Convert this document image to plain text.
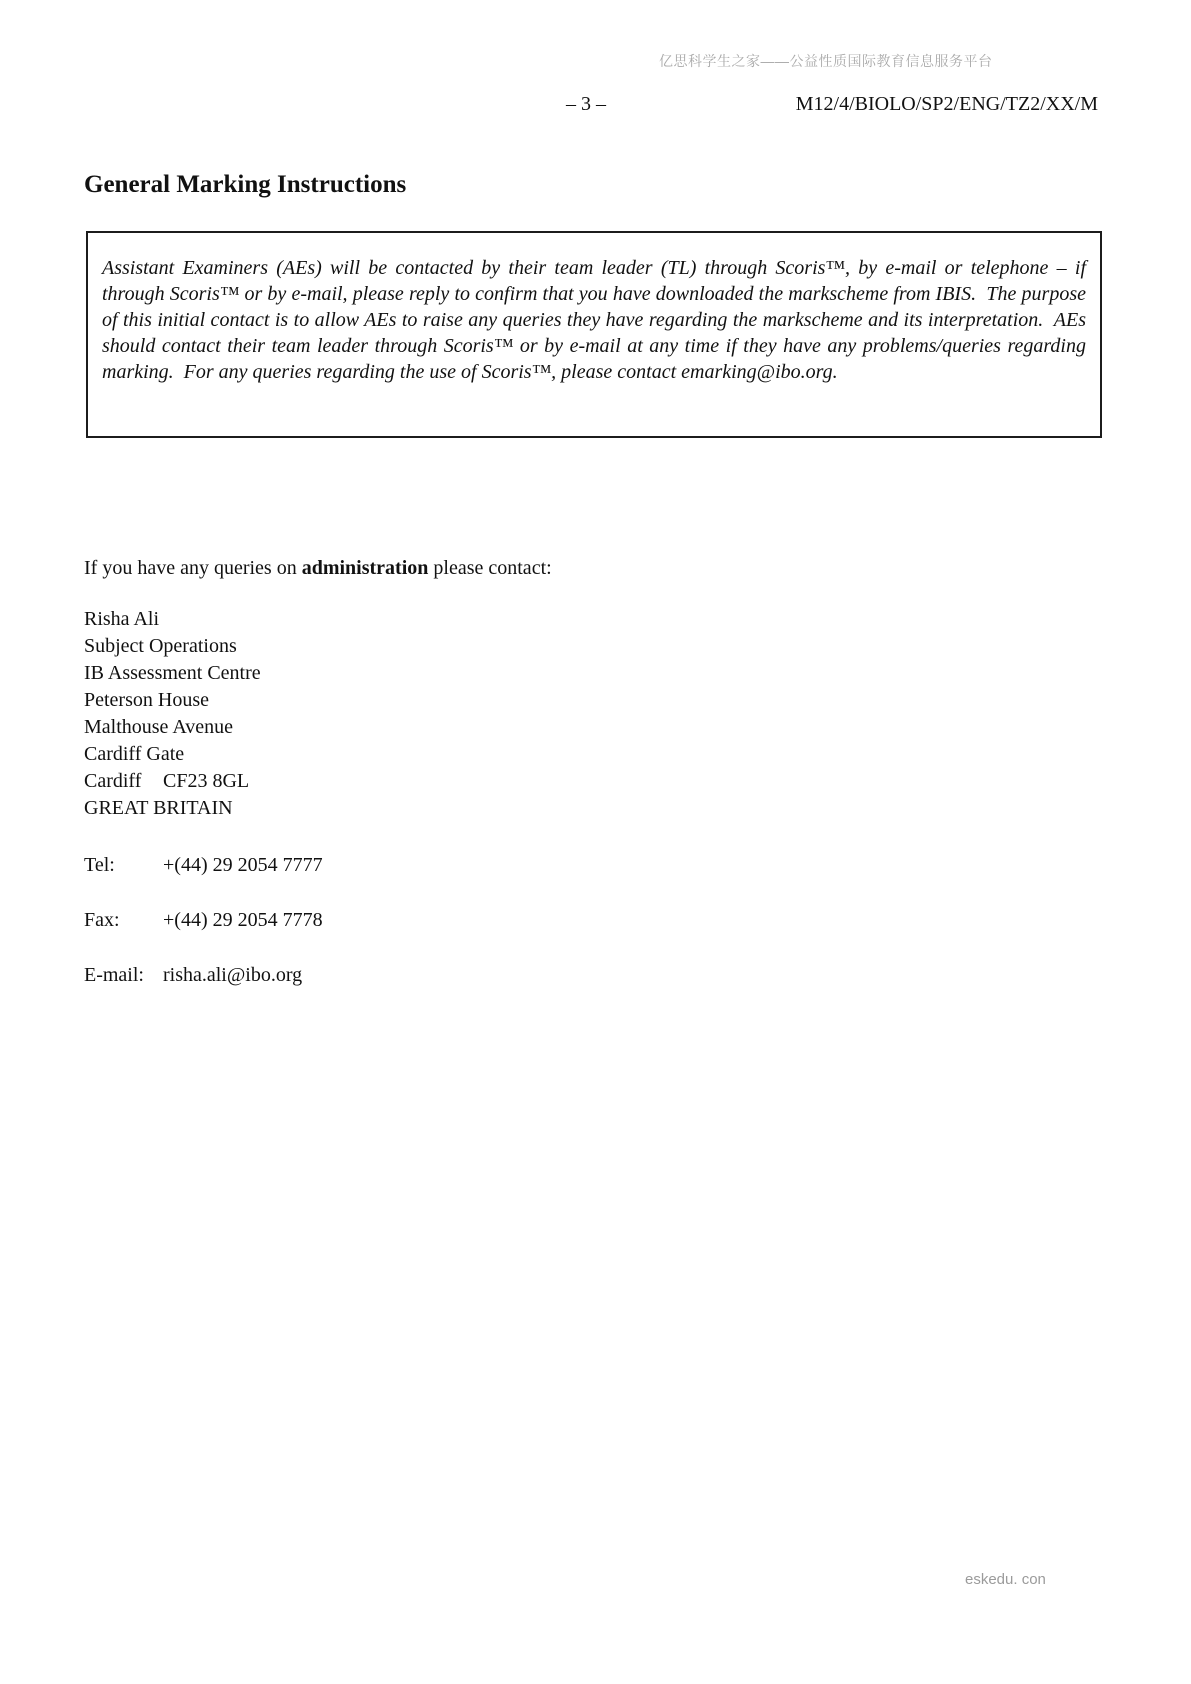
亿思科学生之家——公益性质国际教育信息服务平台
– 3 –	M12/4/BIOLO/SP2/ENG/TZ2/XX/M
General Marking Instructions

Assistant Examiners (AEs) will be contacted by their team leader (TL) through Scoris™, by e-mail or telephone – if through Scoris™ or by e-mail, please reply to confirm that you have downloaded the markscheme from IBIS.  The purpose of this initial contact is to allow AEs to raise any queries they have regarding the markscheme and its interpretation.  AEs should contact their team leader through Scoris™ or by e-mail at any time if they have any problems/queries regarding marking.  For any queries regarding the use of Scoris™, please contact emarking@ibo.org.

If you have any queries on administration please contact:
Risha Ali
Subject Operations
IB Assessment Centre
Peterson House
Malthouse Avenue
Cardiff Gate
Cardiff	CF23 8GL
GREAT BRITAIN
Tel:	+(44) 29 2054 7777
Fax:	+(44) 29 2054 7778
E-mail: risha.ali@ibo.org
eskedu. con
